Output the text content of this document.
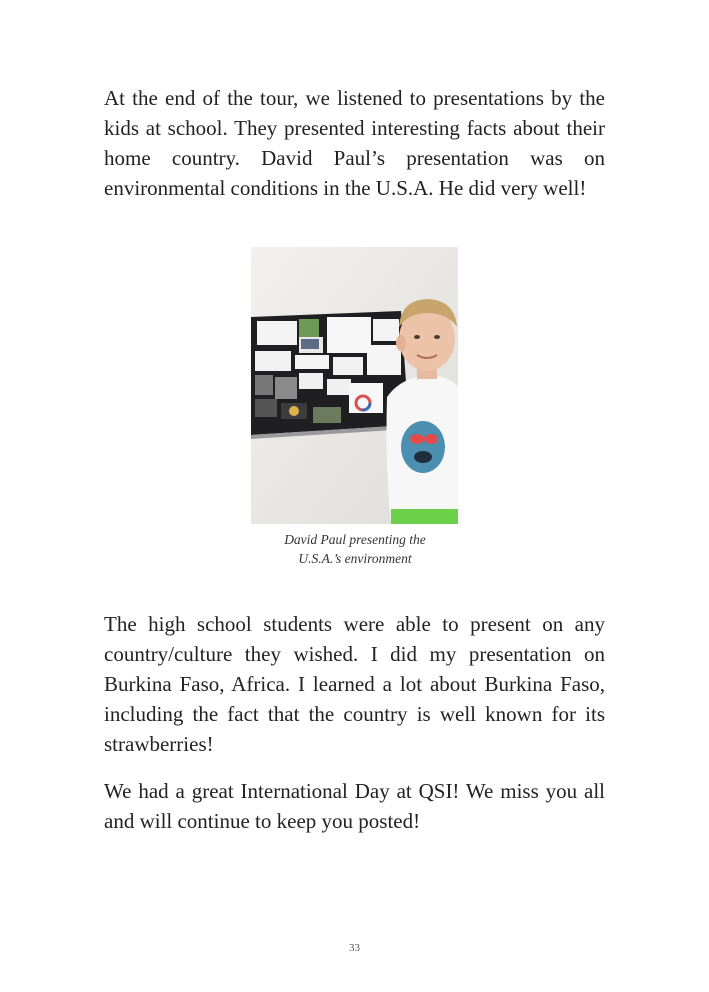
At the end of the tour, we listened to presentations by the kids at school. They presented interesting facts about their home country. David Paul’s presentation was on environmental conditions in the U.S.A. He did very well!

David Paul presenting the
U.S.A.’s environment

The high school students were able to present on any country/culture they wished. I did my presentation on Burkina Faso, Africa. I learned a lot about Burkina Faso, including the fact that the country is well known for its strawberries!

We had a great International Day at QSI! We miss you all and will continue to keep you posted!

33
